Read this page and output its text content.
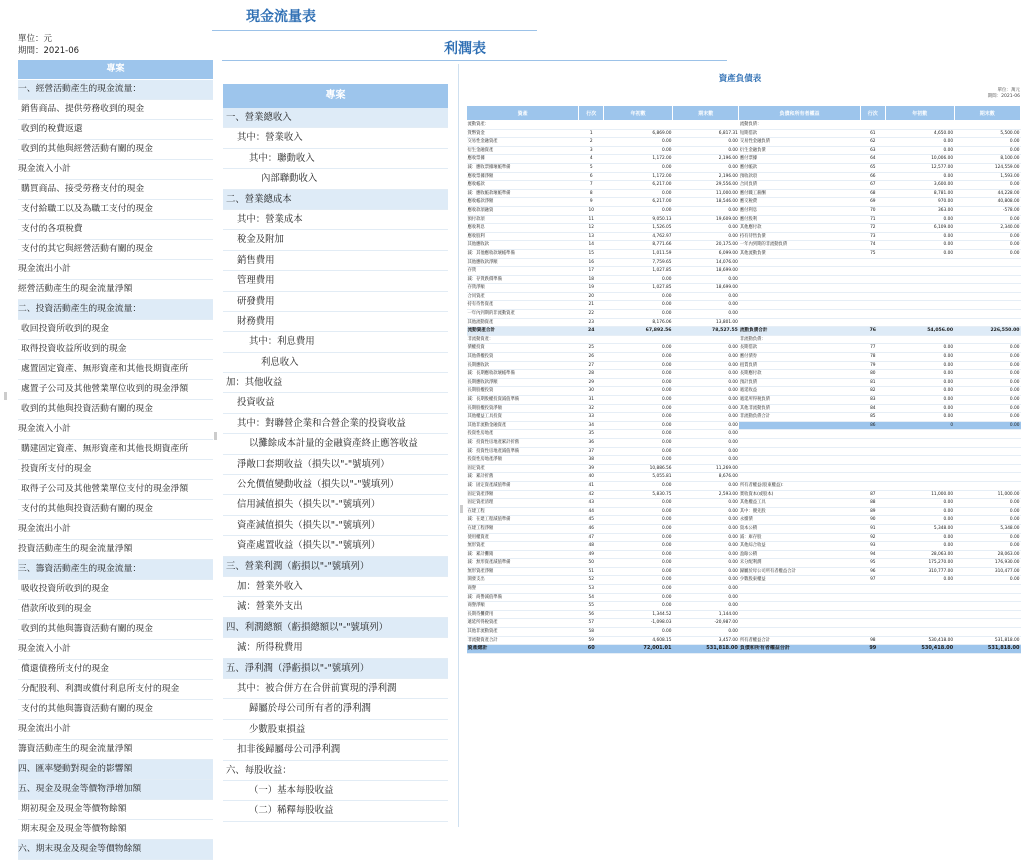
現金流量表
單位：元
期間：2021-06
專案
一、經營活動產生的現金流量：
銷售商品、提供勞務收到的現金
收到的稅費返還
收到的其他與經營活動有關的現金
現金流入小計
購買商品、接受勞務支付的現金
支付給職工以及為職工支付的現金
支付的各項稅費
支付的其它與經營活動有關的現金
現金流出小計
經營活動產生的現金流量淨額
二、投資活動產生的現金流量：
收回投資所收到的現金
取得投資收益所收到的現金
處置固定資產、無形資產和其他長期資產所
處置子公司及其他營業單位收到的現金淨額
收到的其他與投資活動有關的現金
現金流入小計
購建固定資產、無形資產和其他長期資產所
投資所支付的現金
取得子公司及其他營業單位支付的現金淨額
支付的其他與投資活動有關的現金
現金流出小計
投資活動產生的現金流量淨額
三、籌資活動產生的現金流量：
吸收投資所收到的現金
借款所收到的現金
收到的其他與籌資活動有關的現金
現金流入小計
償還債務所支付的現金
分配股利、利潤或償付利息所支付的現金
支付的其他與籌資活動有關的現金
現金流出小計
籌資活動產生的現金流量淨額
四、匯率變動對現金的影響額
五、現金及現金等價物淨增加額
期初現金及現金等價物餘額
期末現金及現金等價物餘額
六、期末現金及現金等價物餘額
利潤表
專案
一、營業總收入
其中：營業收入
其中：聯動收入
內部聯動收入
二、營業總成本
其中：營業成本
稅金及附加
銷售費用
管理費用
研發費用
財務費用
其中：利息費用
利息收入
加：其他收益
投資收益
其中：對聯營企業和合營企業的投資收益
以攤餘成本計量的金融資產終止應答收益
淨敞口套期收益（損失以"-"號填列）
公允價值變動收益（損失以"-"號填列）
信用減值損失（損失以"-"號填列）
資產減值損失（損失以"-"號填列）
資產處置收益（損失以"-"號填列）
三、營業利潤（虧損以"-"號填列）
加：營業外收入
減：營業外支出
四、利潤總額（虧損總額以"-"號填列）
減：所得稅費用
五、淨利潤（淨虧損以"-"號填列）
其中：被合併方在合併前實現的淨利潤
歸屬於母公司所有者的淨利潤
少數股東損益
扣非後歸屬母公司淨利潤
六、每股收益：
（一）基本每股收益
（二）稀釋每股收益
資產負債表
單位：萬元
期間：2021-06
資產	行次	年初數	期末數	負債和所有者權益	行次	年初數	期末數
流動資產：				流動負債：			
貨幣資金	1	6,869.00	6,817.31	短期借款	61	4,650.00	5,500.00
交易性金融資產	2	0.00	0.00	交易性金融負債	62	0.00	0.00
衍生金融資產	3	0.00	0.00	衍生金融負債	63	0.00	0.00
應收票據	4	1,172.00	2,196.00	應付票據	64	10,006.00	8,100.00
減：應收票據壞帳準備	5	0.00	0.00	應付帳款	65	12,577.00	124,559.00
應收票據淨額	6	1,172.00	2,196.00	預收款項	66	0.00	1,593.00
應收帳款	7	6,217.00	29,556.00	合同負債	67	3,600.00	0.00
減：應收帳款壞帳準備	8	0.00	11,000.00	應付職工薪酬	68	8,781.00	44,228.00
應收帳款淨額	9	6,217.00	18,546.00	應交稅費	69	970.00	40,808.00
應收款項融資	10	0.00	0.00	應付利息	70	363.00	-578.00
預付款項	11	9,050.13	19,609.00	應付股利	71	0.00	0.00
應收利息	12	1,526.05	0.00	其他應付款	72	6,109.00	2,340.00
應收股利	13	4,762.97	0.00	持有待售負債	73	0.00	0.00
其他應收款	14	8,771.66	20,175.00	一年內到期的非流動負債	74	0.00	0.00
減：其他應收款壞帳準備	15	1,011.59	6,099.00	其他流動負債	75	0.00	0.00
其他應收款淨額	16	7,759.65	14,076.00				
存貨	17	1,027.85	18,699.00				
減：存貨跌價準備	18	0.00	0.00				
存貨淨額	19	1,027.85	18,699.00				
合同資產	20	0.00	0.00				
持有待售資產	21	0.00	0.00				
一年內到期的非流動資產	22	0.00	0.00				
其他流動資產	23	8,176.06	13,801.00				
流動資產合計	24	67,892.56	78,527.55	流動負債合計	76	54,056.00	226,550.00
非流動資產：				非流動負債：			
債權投資	25	0.00	0.00	長期借款	77	0.00	0.00
其他債權投資	26	0.00	0.00	應付債券	78	0.00	0.00
長期應收款	27	0.00	0.00	租賃負債	79	0.00	0.00
減：長期應收款壞帳準備	28	0.00	0.00	長期應付款	80	0.00	0.00
長期應收款淨額	29	0.00	0.00	預計負債	81	0.00	0.00
長期股權投資	30	0.00	0.00	遞延收益	82	0.00	0.00
減：長期股權投資減值準備	31	0.00	0.00	遞延所得稅負債	83	0.00	0.00
長期股權投資淨額	32	0.00	0.00	其他非流動負債	84	0.00	0.00
其他權益工具投資	33	0.00	0.00	非流動負債合計	85	0.00	0.00
其他非流動金融資產	34	0.00	0.00		86	0	0.00
投資性房地產	35	0.00	0.00				
減：投資性房地產累計折舊	36	0.00	0.00				
減：投資性房地產減值準備	37	0.00	0.00				
投資性房地產淨額	38	0.00	0.00				
固定資產	39	10,886.56	11,269.00				
減：累計折舊	40	5,055.81	8,676.00				
減：固定資產減值準備	41	0.00	0.00	所有者權益(股東權益)：			
固定資產淨額	42	5,830.75	2,593.00	實收資本(或股本)	87	11,000.00	11,000.00
固定資產清理	43	0.00	0.00	其他權益工具	88	0.00	0.00
在建工程	44	0.00	0.00	其中：優先股	89	0.00	0.00
減：在建工程減值準備	45	0.00	0.00	永續債	90	0.00	0.00
在建工程淨額	46	0.00	0.00	資本公積	91	5,348.00	5,348.00
使用權資產	47	0.00	0.00	減：庫存股	92	0.00	0.00
無形資產	48	0.00	0.00	其他綜合收益	93	0.00	0.00
減：累計攤銷	49	0.00	0.00	盈餘公積	94	28,063.00	28,063.00
減：無形資產減值準備	50	0.00	0.00	未分配利潤	95	175,270.00	176,930.00
無形資產淨額	51	0.00	0.00	歸屬於母公司所有者權益合計	96	310,777.00	310,477.00
開發支出	52	0.00	0.00	少數股東權益	97	0.00	0.00
商譽	53	0.00	0.00				
減：商譽減值準備	54	0.00	0.00				
商譽淨額	55	0.00	0.00				
長期待攤費用	56	1,344.52	1,144.00				
遞延所得稅資產	57	-1,098.03	-20,987.00				
其他非流動資產	58	0.00	0.00				
非流動資產合計	59	4,608.15	3,457.00	所有者權益合計	98	530,418.00	531,818.00
資產總計	60	72,001.01	531,818.00	負債和所有者權益合計	99	530,418.00	531,818.00
